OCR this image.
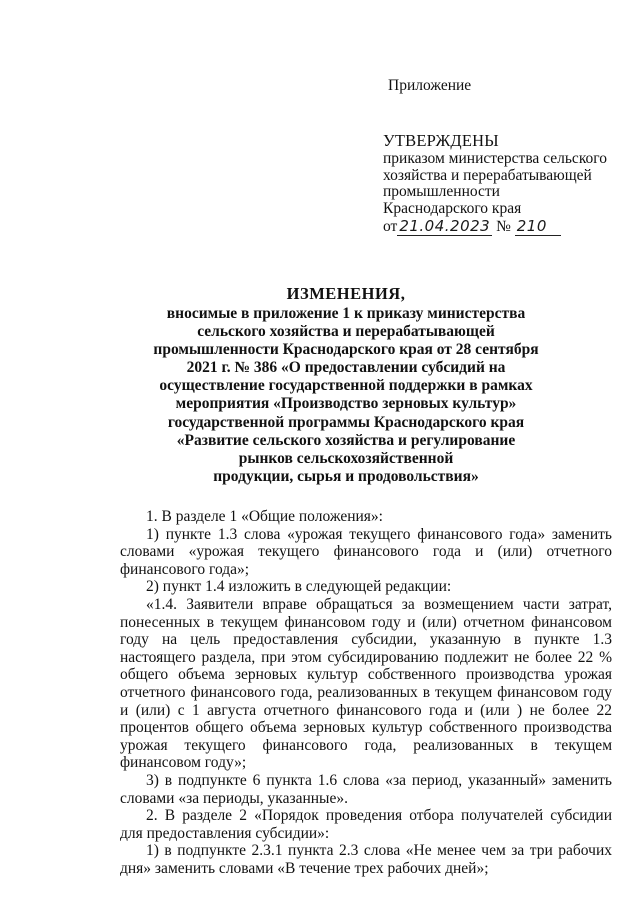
Приложение
УТВЕРЖДЕНЫ
приказом министерства сельского
хозяйства и перерабатывающей
промышленности
Краснодарского края
от 21.04.2023 № 210
ИЗМЕНЕНИЯ,
вносимые в приложение 1 к приказу министерства
сельского хозяйства и перерабатывающей
промышленности Краснодарского края от 28 сентября
2021 г. № 386 «О предоставлении субсидий на
осуществление государственной поддержки в рамках
мероприятия «Производство зерновых культур»
государственной программы Краснодарского края
«Развитие сельского хозяйства и регулирование
рынков сельскохозяйственной
продукции, сырья и продовольствия»

1. В разделе 1 «Общие положения»:

1) пункте 1.3 слова «урожая текущего финансового года» заменить словами «урожая текущего финансового года и (или) отчетного финансового года»;

2) пункт 1.4 изложить в следующей редакции:

«1.4. Заявители вправе обращаться за возмещением части затрат, понесенных в текущем финансовом году и (или) отчетном финансовом году на цель предоставления субсидии, указанную в пункте 1.3 настоящего раздела, при этом субсидированию подлежит не более 22 % общего объема зерновых культур собственного производства урожая отчетного финансового года, реализованных в текущем финансовом году и (или) с 1 августа отчетного финансового года и (или ) не более 22 процентов общего объема зерновых культур собственного производства урожая текущего финансового года, реализованных в текущем финансовом году»;

3) в подпункте 6 пункта 1.6 слова «за период, указанный» заменить словами «за периоды, указанные».

2. В разделе 2 «Порядок проведения отбора получателей субсидии для предоставления субсидии»:

1) в подпункте 2.3.1 пункта 2.3 слова «Не менее чем за три рабочих дня» заменить словами «В течение трех рабочих дней»;
